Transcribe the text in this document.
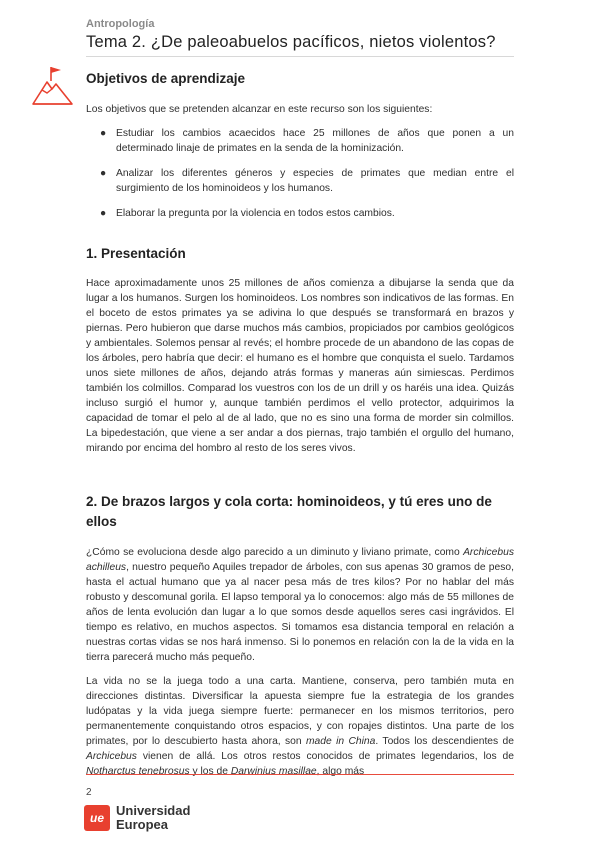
Antropología
Tema 2. ¿De paleoabuelos pacíficos, nietos violentos?
Objetivos de aprendizaje
Los objetivos que se pretenden alcanzar en este recurso son los siguientes:
● Estudiar los cambios acaecidos hace 25 millones de años que ponen a un determinado linaje de primates en la senda de la hominización.
● Analizar los diferentes géneros y especies de primates que median entre el surgimiento de los hominoideos y los humanos.
● Elaborar la pregunta por la violencia en todos estos cambios.
1. Presentación
Hace aproximadamente unos 25 millones de años comienza a dibujarse la senda que da lugar a los humanos. Surgen los hominoideos. Los nombres son indicativos de las formas. En el boceto de estos primates ya se adivina lo que después se transformará en brazos y piernas. Pero hubieron que darse muchos más cambios, propiciados por cambios geológicos y ambientales. Solemos pensar al revés; el hombre procede de un abandono de las copas de los árboles, pero habría que decir: el humano es el hombre que conquista el suelo. Tardamos unos siete millones de años, dejando atrás formas y maneras aún simiescas. Perdimos también los colmillos. Comparad los vuestros con los de un drill y os haréis una idea. Quizás incluso surgió el humor y, aunque también perdimos el vello protector, adquirimos la capacidad de tomar el pelo al de al lado, que no es sino una forma de morder sin colmillos. La bipedestación, que viene a ser andar a dos piernas, trajo también el orgullo del humano, mirando por encima del hombro al resto de los seres vivos.
2. De brazos largos y cola corta: hominoideos, y tú eres uno de ellos
¿Cómo se evoluciona desde algo parecido a un diminuto y liviano primate, como Archicebus achilleus, nuestro pequeño Aquiles trepador de árboles, con sus apenas 30 gramos de peso, hasta el actual humano que ya al nacer pesa más de tres kilos? Por no hablar del más robusto y descomunal gorila. El lapso temporal ya lo conocemos: algo más de 55 millones de años de lenta evolución dan lugar a lo que somos desde aquellos seres casi ingrávidos. El tiempo es relativo, en muchos aspectos. Si tomamos esa distancia temporal en relación a nuestras cortas vidas se nos hará inmenso. Si lo ponemos en relación con la de la vida en la tierra parecerá mucho más pequeño.
La vida no se la juega todo a una carta. Mantiene, conserva, pero también muta en direcciones distintas. Diversificar la apuesta siempre fue la estrategia de los grandes ludópatas y la vida juega siempre fuerte: permanecer en los mismos territorios, pero permanentemente conquistando otros espacios, y con ropajes distintos. Una parte de los primates, por lo descubierto hasta ahora, son made in China. Todos los descendientes de Archicebus vienen de allá. Los otros restos conocidos de primates legendarios, los de Notharctus tenebrosus y los de Darwinius masillae, algo más
2
ue Universidad
Europea
